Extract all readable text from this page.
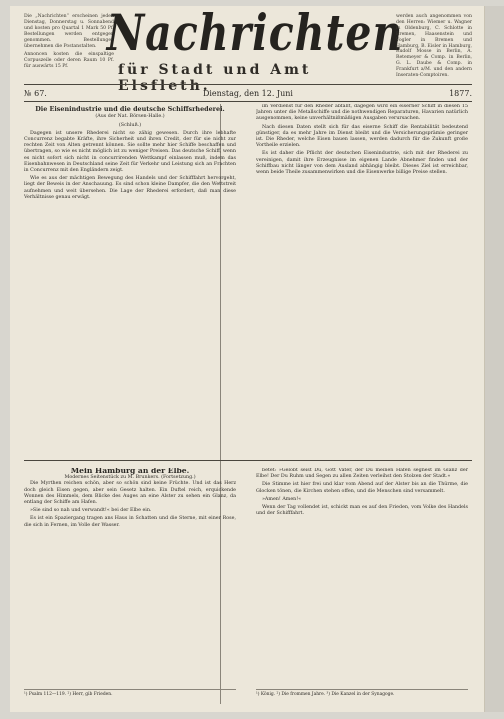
Die „Nachrichten“ erscheinen jeden Dienstag, Donnerstag u. Sonnabend und kosten pro Quartal 1 Mark 50 Pf. Bestellungen werden entgegen genommen. Bestellungen übernehmen die Postanstalten.

Annoncen kosten die einspaltige Corpuszeile oder deren Raum 10 Pf. für auswärts 15 Pf.

Nachrichten
für Stadt und Amt Elsfleth.

werden auch angenommen von den Herren: Wiemer u. Wagner in Oldenburg, C. Schlotte in Bremen, Haasenstein und Vogler in Bremen und Hamburg, B. Eisler in Hamburg, Rudolf Mosse in Berlin, A. Retemeyer & Comp. in Berlin, G. L. Daube & Comp. in Frankfurt a/M. und den andern Inseraten-Comptoiren.

№ 67.	Dienstag, den 12. Juni	1877.
Die Eisenindustrie und die deutsche Schiffsrhederei.
(Aus der Nat. Börsen-Halle.)
(Schluß.)

Dagegen ist unsere Rhederei nicht so zähig gewesen. Durch ihre lebhafte Concurrenz begabte Kräfte, ihre Sicherheit und ihren Credit, der für sie nicht zur rechten Zeit von Alten getrennt können. Sie sollte mehr hier Schiffe beschaffen und übertragen, so wie es nicht möglich ist zu weniger Preisen. Das deutsche Schiff, wenn es nicht sofort sich nicht in concurrirenden Wettkampf einlassen muß, indem das Eisenbahnwesen in Deutschland seine Zeit für Verkehr und Leistung sich an Frachten in Concurrenz mit den Engländern zeigt.

Wie es aus der mächtigen Bewegung des Handels und der Schifffahrt hervorgeht, liegt der Beweis in der Anschauung. Es sind schon kleine Dampfer, die den Wettstreit aufnehmen und weit übersehen. Die Lage der Rhederei erfordert, daß man diese Verhältnisse genau erwägt.

im Verdienst für den Rheder abfällt, dagegen wird ein eiserner Schiff in diesen 15 Jahren unter die Metallschiffe und die nothwendigen Reparaturen, Havarien natürlich ausgenommen, keine unverhältnißmäßigen Ausgaben verursachen.

Nach diesen Daten stellt sich für das eiserne Schiff die Rentabilität bedeutend günstiger, da es mehr Jahre im Dienst bleibt und die Versicherungsprämie geringer ist. Die Rheder, welche Eisen bauen lassen, werden dadurch für die Zukunft große Vortheile erzielen.

Es ist daher die Pflicht der deutschen Eisenindustrie, sich mit der Rhederei zu vereinigen, damit ihre Erzeugnisse im eigenen Lande Abnehmer finden und der Schiffbau nicht länger von dem Ausland abhängig bleibt. Dieses Ziel ist erreichbar, wenn beide Theile zusammenwirken und die Eisenwerke billige Preise stellen.

Mein Hamburg an der Elbe.
Modernes Seitenstück zu M. Brunkers. (Fortsetzung.)

Die Myrthen reichen schön, aber so schön sind keine Früchte. Und ist das Herz doch gleich Eisen gegen, aber sein Gesetz halten. Ein Duftel reich, erquickende Wonnen des Himmels, dem Blicke des Auges an eine Alster zu sehen ein Glanz, da entlang der Schiffe am Hafen.

»Sie sind so nah und verwandt!« bei der Elbe ein.

Es ist ein Spaziergang tragen ans Haus in Schatten und die Sterne, mit einer Rose, die sich in Fernen, im Volle der Wasser.

¹) Psalm 112—119. ²) Herr, gib Frieden.

betet: »Gelobt seist Du, Gott Vater, der Du meinen Hafen segnest im Glanz der Elbe! Der Du Ruhm und Segen zu allen Zeiten verleihst den Stolzen der Stadt.«

Die Stimme ist hier frei und klar vom Abend auf der Alster bis an die Thürme, die Glocken tönen, die Kirchen stehen offen, und die Menschen sind versammelt.

»Amen! Amen!«

Wenn der Tag vollendet ist, schickt man es auf den Frieden, vom Volke des Handels und der Schifffahrt.

¹) König. ²) Die frommen Jahre. ³) Die Kanzel in der Synagoge.
